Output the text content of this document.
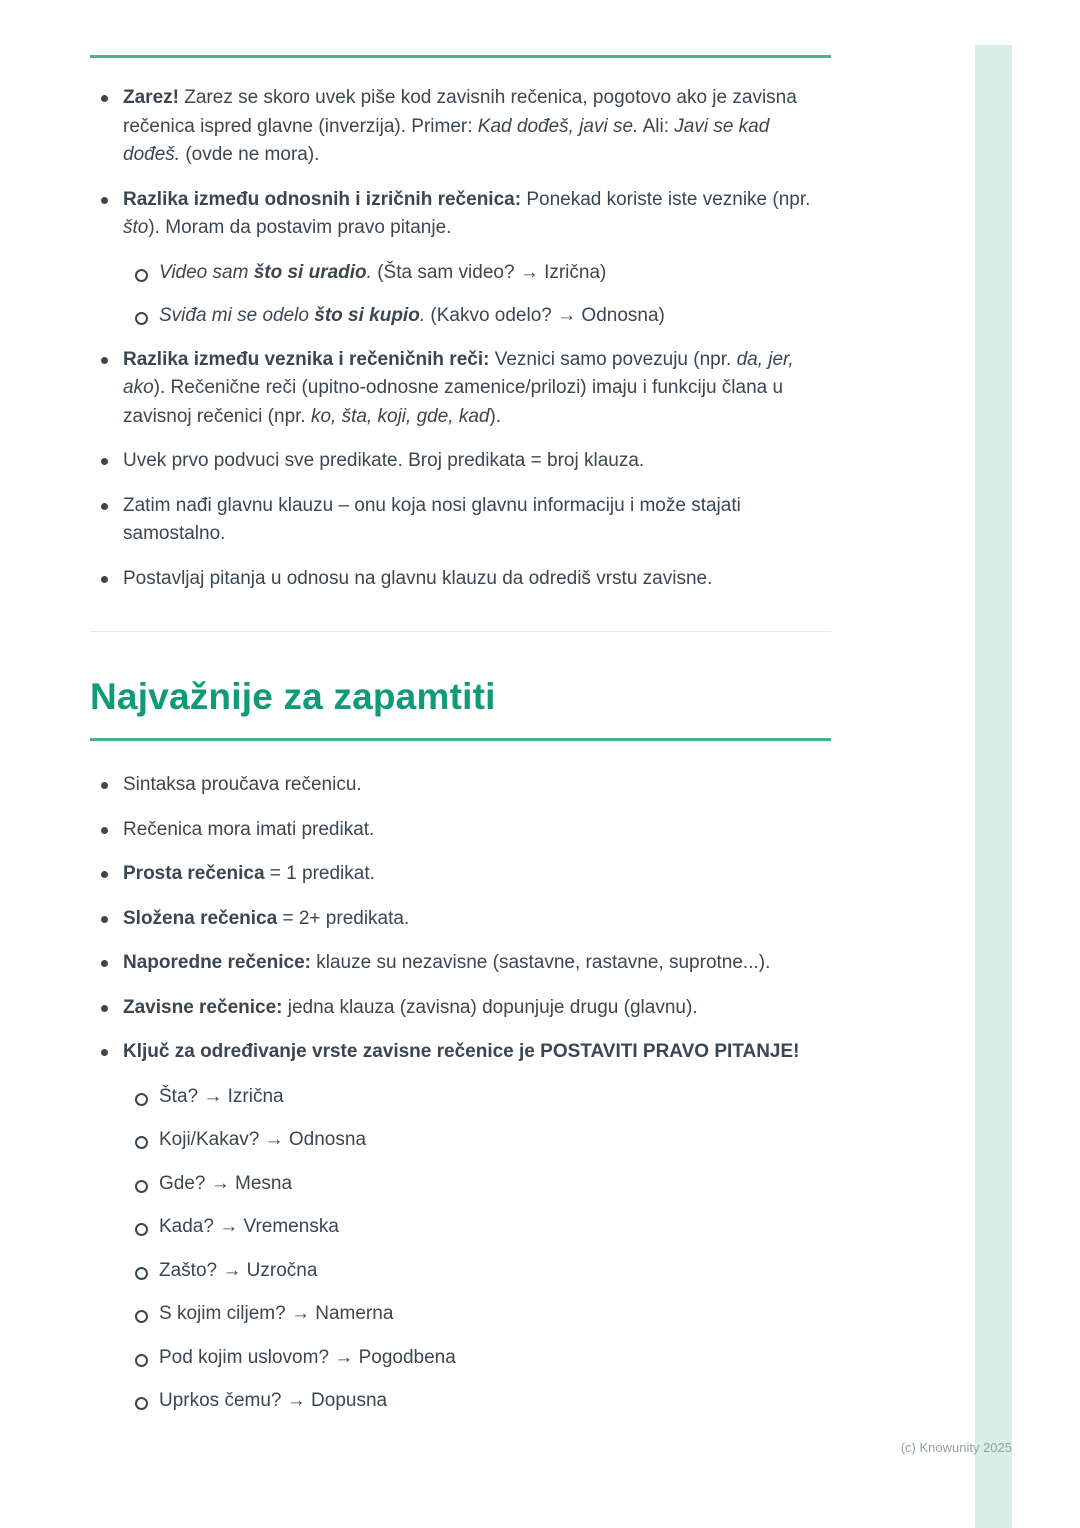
Zarez! Zarez se skoro uvek piše kod zavisnih rečenica, pogotovo ako je zavisna rečenica ispred glavne (inverzija). Primer: Kad dođeš, javi se. Ali: Javi se kad dođeš. (ovde ne mora).
Razlika između odnosnih i izričnih rečenica: Ponekad koriste iste veznike (npr. što). Moram da postavim pravo pitanje.
Video sam što si uradio. (Šta sam video? → Izrična)
Sviđa mi se odelo što si kupio. (Kakvo odelo? → Odnosna)
Razlika između veznika i rečeničnih reči: Veznici samo povezuju (npr. da, jer, ako). Rečenične reči (upitno-odnosne zamenice/prilozi) imaju i funkciju člana u zavisnoj rečenici (npr. ko, šta, koji, gde, kad).
Uvek prvo podvuci sve predikate. Broj predikata = broj klauza.
Zatim nađi glavnu klauzu – onu koja nosi glavnu informaciju i može stajati samostalno.
Postavljaj pitanja u odnosu na glavnu klauzu da odrediš vrstu zavisne.
Najvažnije za zapamtiti
Sintaksa proučava rečenicu.
Rečenica mora imati predikat.
Prosta rečenica = 1 predikat.
Složena rečenica = 2+ predikata.
Naporedne rečenice: klauze su nezavisne (sastavne, rastavne, suprotne...).
Zavisne rečenice: jedna klauza (zavisna) dopunjuje drugu (glavnu).
Ključ za određivanje vrste zavisne rečenice je POSTAVITI PRAVO PITANJE!
Šta? → Izrična
Koji/Kakav? → Odnosna
Gde? → Mesna
Kada? → Vremenska
Zašto? → Uzročna
S kojim ciljem? → Namerna
Pod kojim uslovom? → Pogodbena
Uprkos čemu? → Dopusna
(c) Knowunity 2025
